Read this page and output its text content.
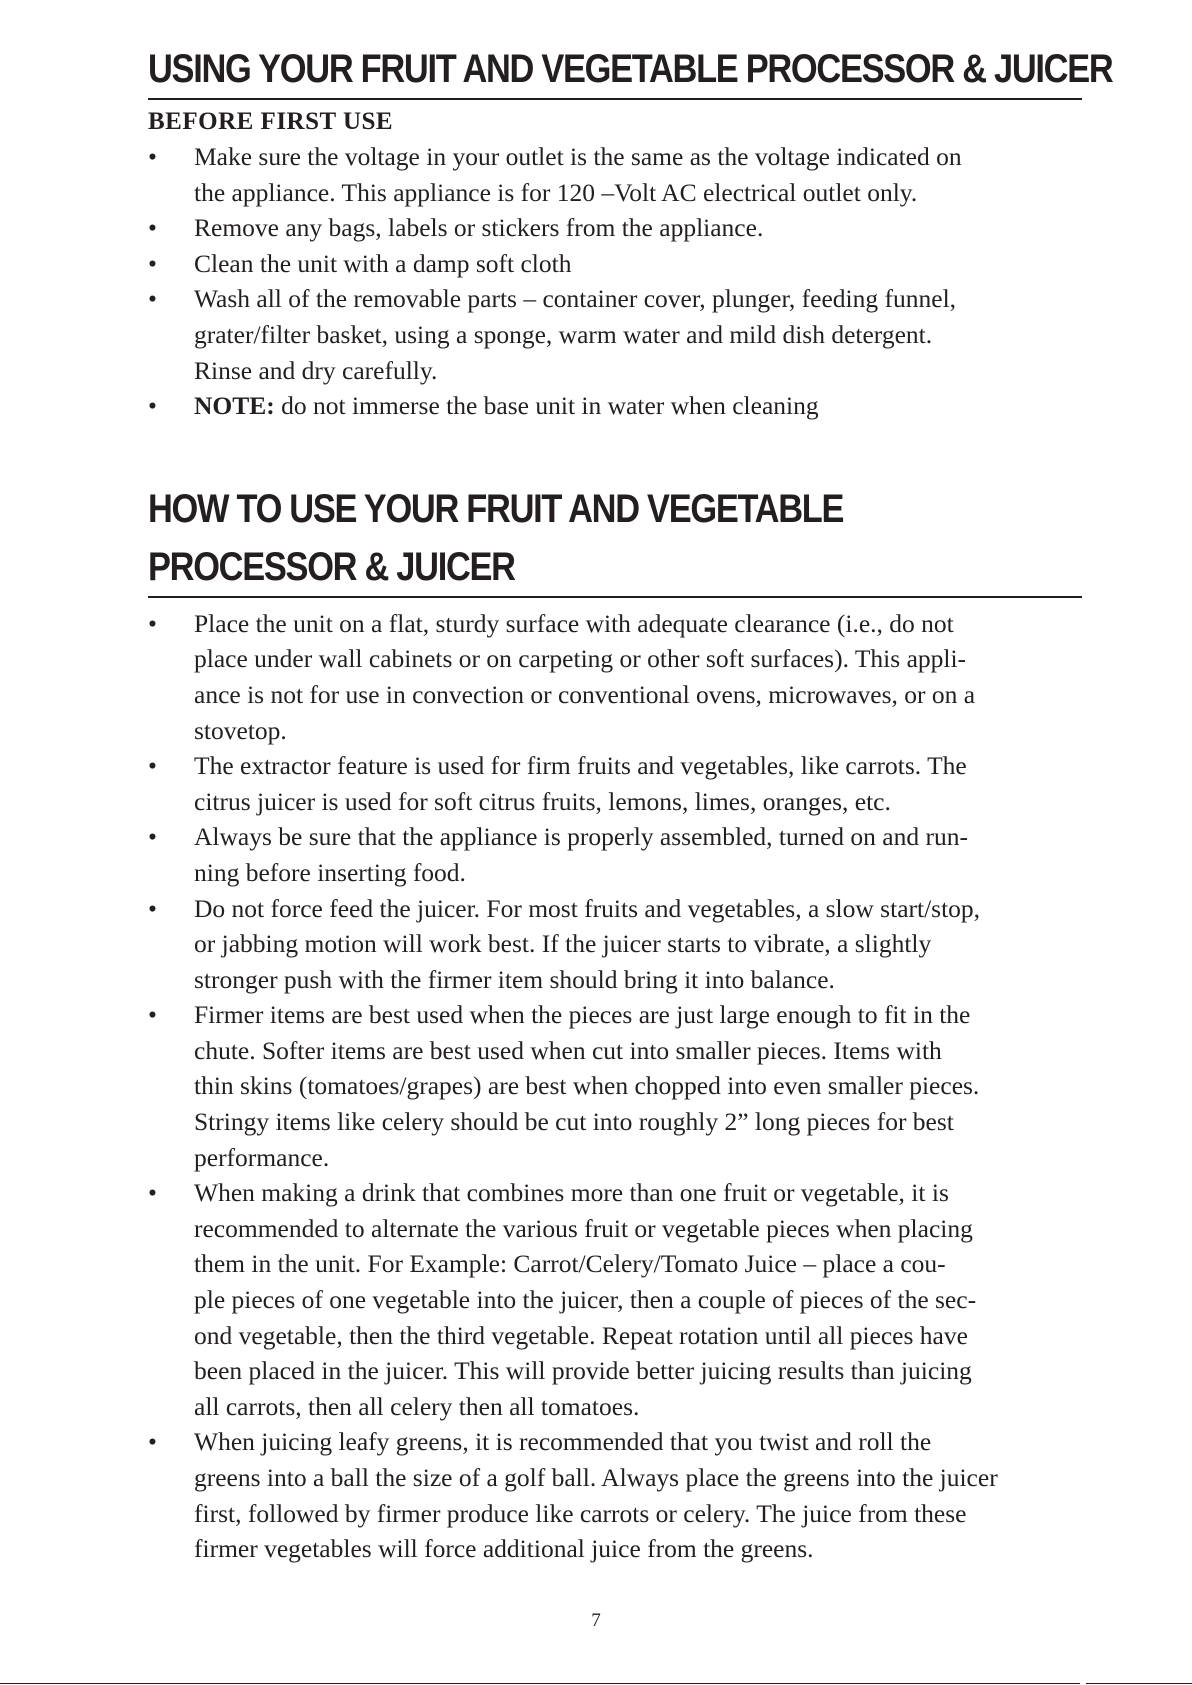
USING YOUR FRUIT AND VEGETABLE PROCESSOR & JUICER
BEFORE FIRST USE
• Make sure the voltage in your outlet is the same as the voltage indicated on
the appliance. This appliance is for 120 –Volt AC electrical outlet only.
• Remove any bags, labels or stickers from the appliance.
• Clean the unit with a damp soft cloth
• Wash all of the removable parts – container cover, plunger, feeding funnel,
grater/filter basket, using a sponge, warm water and mild dish detergent.
Rinse and dry carefully.
• NOTE: do not immerse the base unit in water when cleaning
HOW TO USE YOUR FRUIT AND VEGETABLE
PROCESSOR & JUICER
• Place the unit on a flat, sturdy surface with adequate clearance (i.e., do not
place under wall cabinets or on carpeting or other soft surfaces). This appli-
ance is not for use in convection or conventional ovens, microwaves, or on a
stovetop.
• The extractor feature is used for firm fruits and vegetables, like carrots. The
citrus juicer is used for soft citrus fruits, lemons, limes, oranges, etc.
• Always be sure that the appliance is properly assembled, turned on and run-
ning before inserting food.
• Do not force feed the juicer. For most fruits and vegetables, a slow start/stop,
or jabbing motion will work best. If the juicer starts to vibrate, a slightly
stronger push with the firmer item should bring it into balance.
• Firmer items are best used when the pieces are just large enough to fit in the
chute. Softer items are best used when cut into smaller pieces. Items with
thin skins (tomatoes/grapes) are best when chopped into even smaller pieces.
Stringy items like celery should be cut into roughly 2” long pieces for best
performance.
• When making a drink that combines more than one fruit or vegetable, it is
recommended to alternate the various fruit or vegetable pieces when placing
them in the unit. For Example: Carrot/Celery/Tomato Juice – place a cou-
ple pieces of one vegetable into the juicer, then a couple of pieces of the sec-
ond vegetable, then the third vegetable. Repeat rotation until all pieces have
been placed in the juicer. This will provide better juicing results than juicing
all carrots, then all celery then all tomatoes.
• When juicing leafy greens, it is recommended that you twist and roll the
greens into a ball the size of a golf ball. Always place the greens into the juicer
first, followed by firmer produce like carrots or celery. The juice from these
firmer vegetables will force additional juice from the greens.
7
